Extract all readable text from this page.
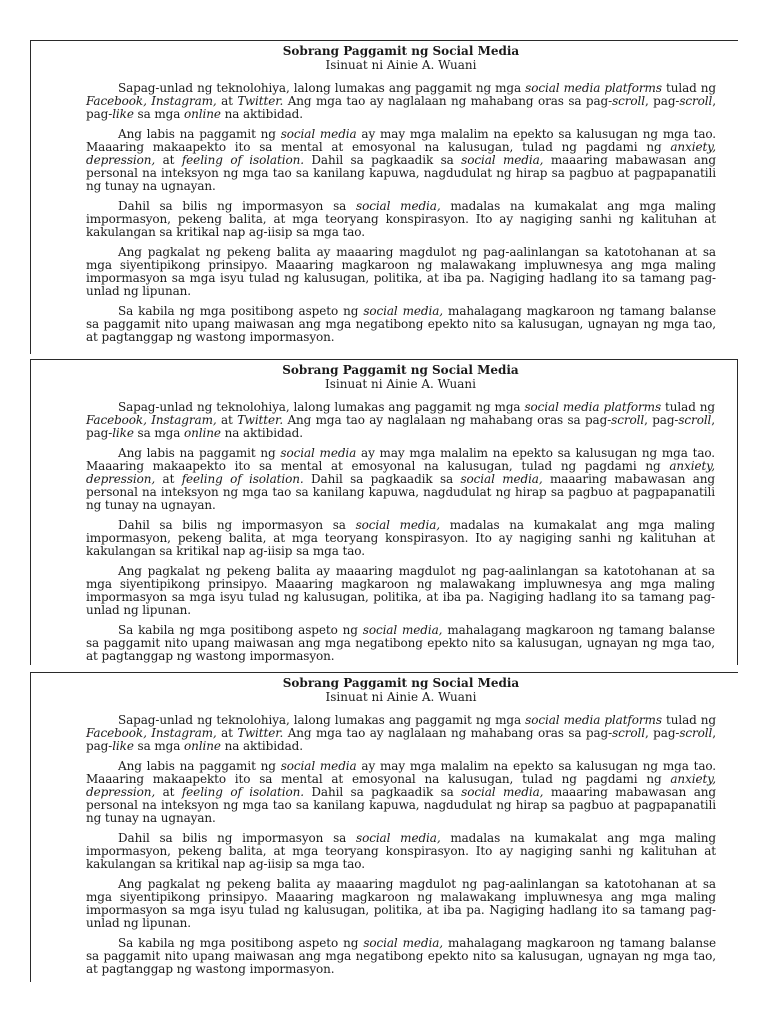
Sobrang Paggamit ng Social Media
Isinuat ni Ainie A. Wuani

Sapag-unlad ng teknolohiya, lalong lumakas ang paggamit ng mga social media platforms tulad ng Facebook, Instagram, at Twitter. Ang mga tao ay naglalaan ng mahabang oras sa pag-scroll, pag-scroll, pag-like sa mga online na aktibidad.

Ang labis na paggamit ng social media ay may mga malalim na epekto sa kalusugan ng mga tao. Maaaring makaapekto ito sa mental at emosyonal na kalusugan, tulad ng pagdami ng anxiety, depression, at feeling of isolation. Dahil sa pagkaadik sa social media, maaaring mabawasan ang personal na inteksyon ng mga tao sa kanilang kapuwa, nagdudulat ng hirap sa pagbuo at pagpapanatili ng tunay na ugnayan.

Dahil sa bilis ng impormasyon sa social media, madalas na kumakalat ang mga maling impormasyon, pekeng balita, at mga teoryang konspirasyon. Ito ay nagiging sanhi ng kalituhan at kakulangan sa kritikal nap ag-iisip sa mga tao.

Ang pagkalat ng pekeng balita ay maaaring magdulot ng pag-aalinlangan sa katotohanan at sa mga siyentipikong prinsipyo. Maaaring magkaroon ng malawakang impluwnesya ang mga maling impormasyon sa mga isyu tulad ng kalusugan, politika, at iba pa. Nagiging hadlang ito sa tamang pag-unlad ng lipunan.

Sa kabila ng mga positibong aspeto ng social media, mahalagang magkaroon ng tamang balanse sa paggamit nito upang maiwasan ang mga negatibong epekto nito sa kalusugan, ugnayan ng mga tao, at pagtanggap ng wastong impormasyon.

Sobrang Paggamit ng Social Media
Isinuat ni Ainie A. Wuani

Sapag-unlad ng teknolohiya, lalong lumakas ang paggamit ng mga social media platforms tulad ng Facebook, Instagram, at Twitter. Ang mga tao ay naglalaan ng mahabang oras sa pag-scroll, pag-scroll, pag-like sa mga online na aktibidad.

Ang labis na paggamit ng social media ay may mga malalim na epekto sa kalusugan ng mga tao. Maaaring makaapekto ito sa mental at emosyonal na kalusugan, tulad ng pagdami ng anxiety, depression, at feeling of isolation. Dahil sa pagkaadik sa social media, maaaring mabawasan ang personal na inteksyon ng mga tao sa kanilang kapuwa, nagdudulat ng hirap sa pagbuo at pagpapanatili ng tunay na ugnayan.

Dahil sa bilis ng impormasyon sa social media, madalas na kumakalat ang mga maling impormasyon, pekeng balita, at mga teoryang konspirasyon. Ito ay nagiging sanhi ng kalituhan at kakulangan sa kritikal nap ag-iisip sa mga tao.

Ang pagkalat ng pekeng balita ay maaaring magdulot ng pag-aalinlangan sa katotohanan at sa mga siyentipikong prinsipyo. Maaaring magkaroon ng malawakang impluwnesya ang mga maling impormasyon sa mga isyu tulad ng kalusugan, politika, at iba pa. Nagiging hadlang ito sa tamang pag-unlad ng lipunan.

Sa kabila ng mga positibong aspeto ng social media, mahalagang magkaroon ng tamang balanse sa paggamit nito upang maiwasan ang mga negatibong epekto nito sa kalusugan, ugnayan ng mga tao, at pagtanggap ng wastong impormasyon.

Sobrang Paggamit ng Social Media
Isinuat ni Ainie A. Wuani

Sapag-unlad ng teknolohiya, lalong lumakas ang paggamit ng mga social media platforms tulad ng Facebook, Instagram, at Twitter. Ang mga tao ay naglalaan ng mahabang oras sa pag-scroll, pag-scroll, pag-like sa mga online na aktibidad.

Ang labis na paggamit ng social media ay may mga malalim na epekto sa kalusugan ng mga tao. Maaaring makaapekto ito sa mental at emosyonal na kalusugan, tulad ng pagdami ng anxiety, depression, at feeling of isolation. Dahil sa pagkaadik sa social media, maaaring mabawasan ang personal na inteksyon ng mga tao sa kanilang kapuwa, nagdudulat ng hirap sa pagbuo at pagpapanatili ng tunay na ugnayan.

Dahil sa bilis ng impormasyon sa social media, madalas na kumakalat ang mga maling impormasyon, pekeng balita, at mga teoryang konspirasyon. Ito ay nagiging sanhi ng kalituhan at kakulangan sa kritikal nap ag-iisip sa mga tao.

Ang pagkalat ng pekeng balita ay maaaring magdulot ng pag-aalinlangan sa katotohanan at sa mga siyentipikong prinsipyo. Maaaring magkaroon ng malawakang impluwnesya ang mga maling impormasyon sa mga isyu tulad ng kalusugan, politika, at iba pa. Nagiging hadlang ito sa tamang pag-unlad ng lipunan.

Sa kabila ng mga positibong aspeto ng social media, mahalagang magkaroon ng tamang balanse sa paggamit nito upang maiwasan ang mga negatibong epekto nito sa kalusugan, ugnayan ng mga tao, at pagtanggap ng wastong impormasyon.
